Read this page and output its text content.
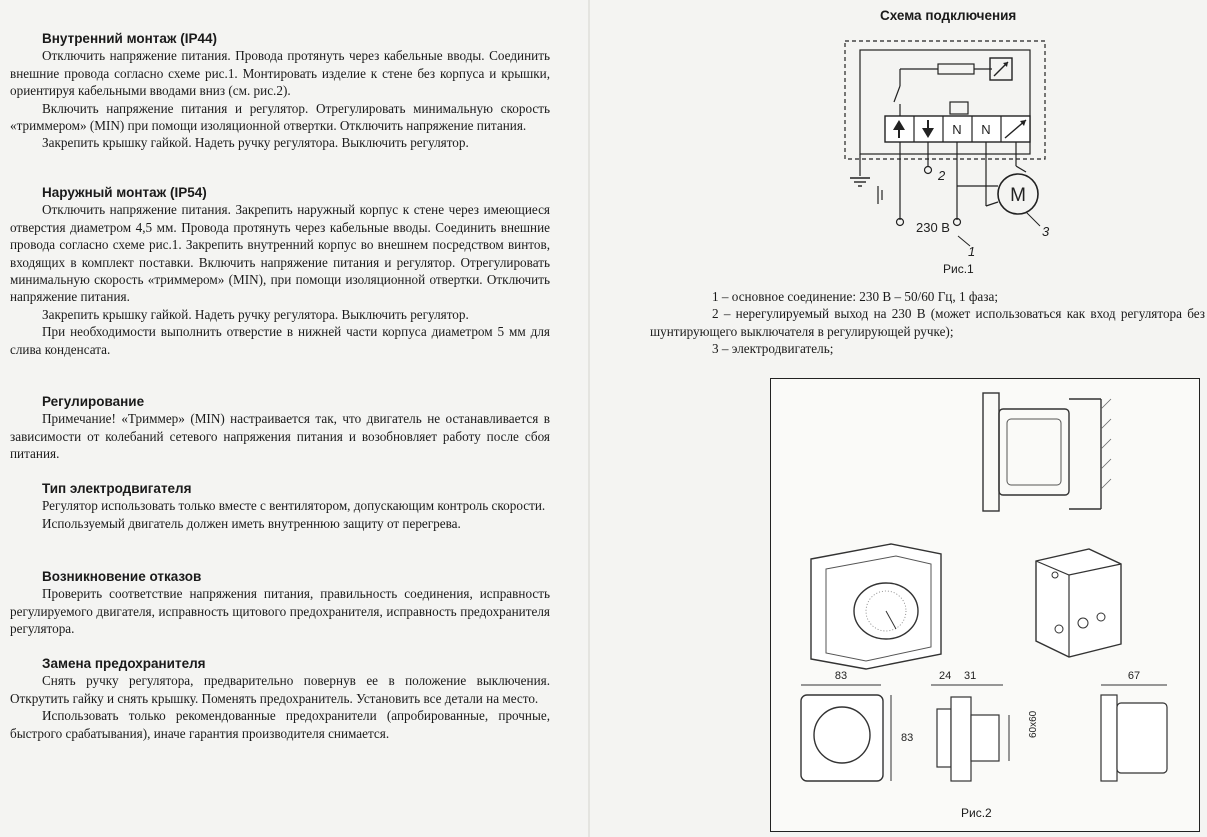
Внутренний монтаж (IP44)

Отключить напряжение питания. Провода протянуть через кабельные вводы. Соединить внешние провода согласно схеме рис.1. Монтировать изделие к стене без корпуса и крышки, ориентируя кабельными вводами вниз (см. рис.2).

Включить напряжение питания и регулятор. Отрегулировать минимальную скорость «триммером» (MIN) при помощи изоляционной отвертки. Отключить напряжение питания.

Закрепить крышку гайкой. Надеть ручку регулятора. Выключить регулятор.

Наружный монтаж (IP54)

Отключить напряжение питания. Закрепить наружный корпус к стене через имеющиеся отверстия диаметром 4,5 мм. Провода протянуть через кабельные вводы. Соединить внешние провода согласно схеме рис.1. Закрепить внутренний корпус во внешнем посредством винтов, входящих в комплект поставки. Включить напряжение питания и регулятор. Отрегулировать минимальную скорость «триммером» (MIN), при помощи изоляционной отвертки. Отключить напряжение питания.

Закрепить крышку гайкой. Надеть ручку регулятора. Выключить регулятор.

При необходимости выполнить отверстие в нижней части корпуса диаметром 5 мм для слива конденсата.

Регулирование

Примечание! «Триммер» (MIN) настраивается так, что двигатель не останавливается в зависимости от колебаний сетевого напряжения питания и возобновляет работу после сбоя питания.

Тип электродвигателя

Регулятор использовать только вместе с вентилятором, допускающим контроль скорости.

Используемый двигатель должен иметь внутреннюю защиту от перегрева.

Возникновение отказов

Проверить соответствие напряжения питания, правильность соединения, исправность регулируемого двигателя, исправность щитового предохранителя, исправность предохранителя регулятора.

Замена предохранителя

Снять ручку регулятора, предварительно повернув ее в положение выключения. Открутить гайку и снять крышку. Поменять предохранитель. Установить все детали на место.

Использовать только рекомендованные предохранители (апробированные, прочные, быстрого срабатывания), иначе гарантия производителя снимается.

Схема подключения
N N
M
2
230 В
1
3
Рис.1

1 – основное соединение: 230 В – 50/60 Гц, 1 фаза;

2 – нерегулируемый выход на 230 В (может использоваться как вход регулятора без шунтирующего выключателя в регулирующей ручке);

3 – электродвигатель;

83
83
24 31
60x60
67
Рис.2
